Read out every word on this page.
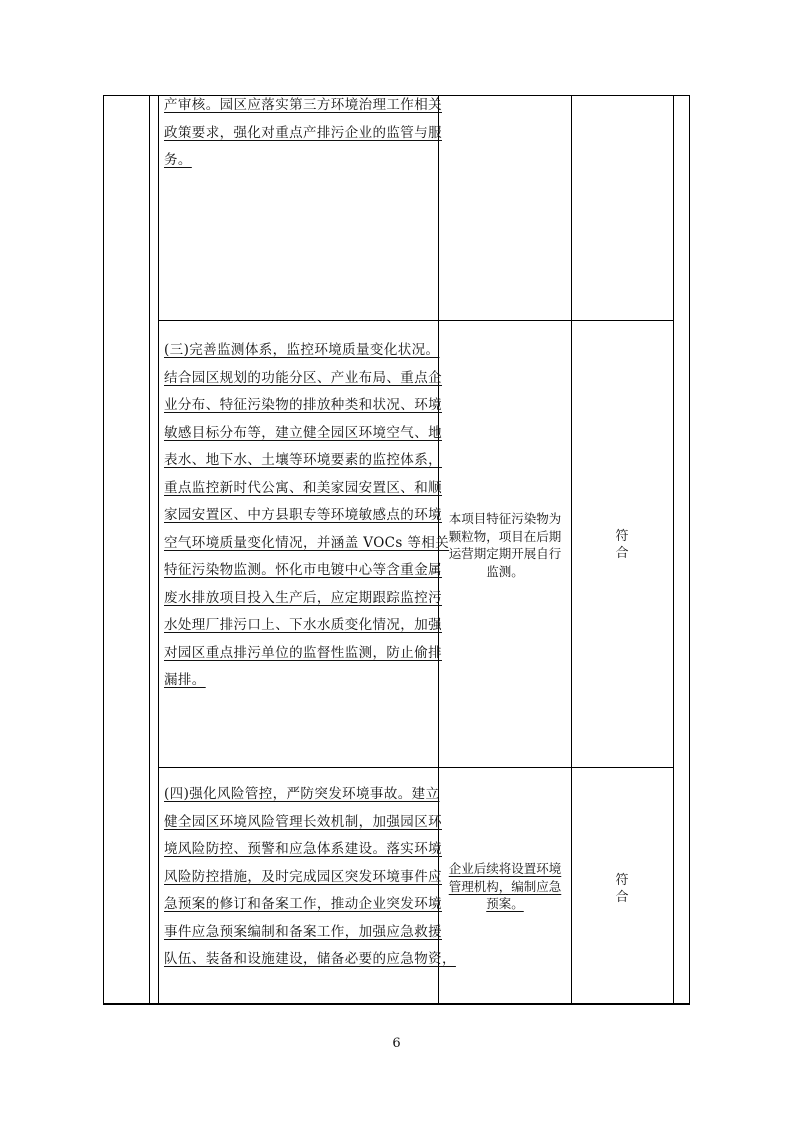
产审核。园区应落实第三方环境治理工作相关
政策要求，强化对重点产排污企业的监管与服
务。
(三)完善监测体系，监控环境质量变化状况。
结合园区规划的功能分区、产业布局、重点企
业分布、特征污染物的排放种类和状况、环境
敏感目标分布等，建立健全园区环境空气、地
表水、地下水、土壤等环境要素的监控体系，
重点监控新时代公寓、和美家园安置区、和顺
家园安置区、中方县职专等环境敏感点的环境
空气环境质量变化情况，并涵盖 VOCs 等相关
特征污染物监测。怀化市电镀中心等含重金属
废水排放项目投入生产后，应定期跟踪监控污
水处理厂排污口上、下水水质变化情况，加强
对园区重点排污单位的监督性监测，防止偷排
漏排。
本项目特征污染物为
颗粒物，项目在后期
运营期定期开展自行
监测。
符
合
(四)强化风险管控，严防突发环境事故。建立
健全园区环境风险管理长效机制，加强园区环
境风险防控、预警和应急体系建设。落实环境
风险防控措施，及时完成园区突发环境事件应
急预案的修订和备案工作，推动企业突发环境
事件应急预案编制和备案工作，加强应急救援
队伍、装备和设施建设，储备必要的应急物资，
企业后续将设置环境
管理机构，编制应急
预案。
符
合
6
